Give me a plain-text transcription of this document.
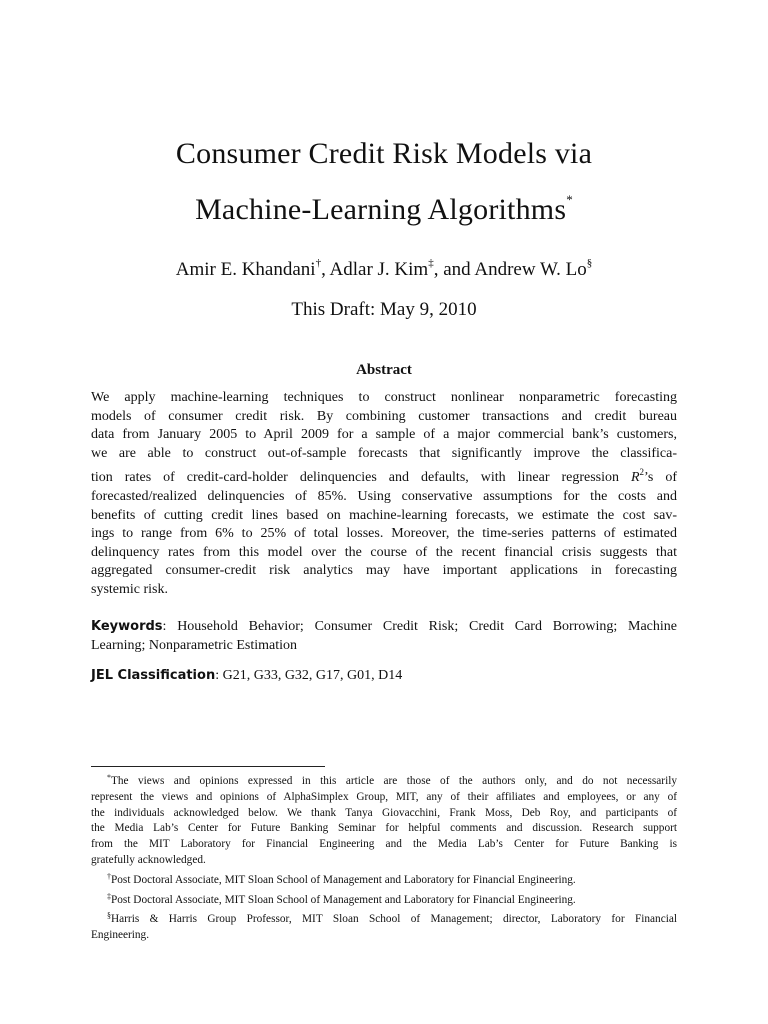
Consumer Credit Risk Models via
Machine-Learning Algorithms*
Amir E. Khandani†, Adlar J. Kim‡, and Andrew W. Lo§
This Draft: May 9, 2010
Abstract
We apply machine-learning techniques to construct nonlinear nonparametric forecasting
models of consumer credit risk. By combining customer transactions and credit bureau
data from January 2005 to April 2009 for a sample of a major commercial bank’s customers,
we are able to construct out-of-sample forecasts that significantly improve the classifica-
tion rates of credit-card-holder delinquencies and defaults, with linear regression $R^2’s$ of
forecasted/realized delinquencies of 85%. Using conservative assumptions for the costs and
benefits of cutting credit lines based on machine-learning forecasts, we estimate the cost sav-
ings to range from 6% to 25% of total losses. Moreover, the time-series patterns of estimated
delinquency rates from this model over the course of the recent financial crisis suggests that
aggregated consumer-credit risk analytics may have important applications in forecasting
systemic risk.
Keywords: Household Behavior; Consumer Credit Risk; Credit Card Borrowing; Machine
Learning; Nonparametric Estimation
JEL Classification: G21, G33, G32, G17, G01, D14
*The views and opinions expressed in this article are those of the authors only, and do not necessarily
represent the views and opinions of AlphaSimplex Group, MIT, any of their affiliates and employees, or any of
the individuals acknowledged below. We thank Tanya Giovacchini, Frank Moss, Deb Roy, and participants of
the Media Lab’s Center for Future Banking Seminar for helpful comments and discussion. Research support
from the MIT Laboratory for Financial Engineering and the Media Lab’s Center for Future Banking is
gratefully acknowledged.
†Post Doctoral Associate, MIT Sloan School of Management and Laboratory for Financial Engineering.
‡Post Doctoral Associate, MIT Sloan School of Management and Laboratory for Financial Engineering.
§Harris & Harris Group Professor, MIT Sloan School of Management; director, Laboratory for Financial
Engineering.
